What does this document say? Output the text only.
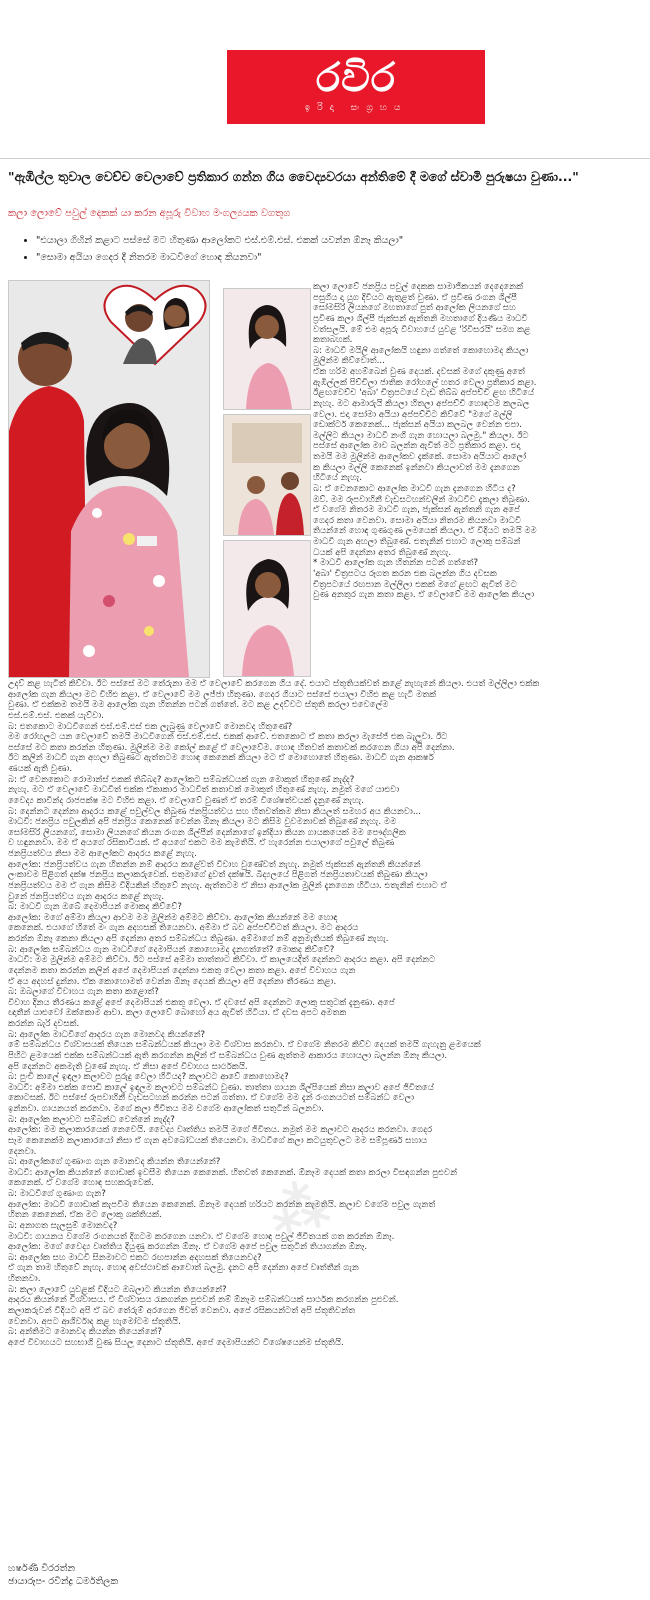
රවිර
ඉරිදා සංග්‍රහය
"ඇඹිල්ල තුවාල වෙච්ච වෙලාවේ ප්‍රතිකාර ගන්න ගිය වෛද්‍යවරයා අන්තිමේ දී මගේ ස්වාමි පුරුෂයා වුණා..."
කලා ලොවේ පවුල් දෙකක් යා කරන අපූරු විවාහ මංගල්‍යයක වගතුග
• "එයාලා ගිහින් කළාට පස්සේ මට හිතුණා ආලෝකට එස්.එම්.එස්. එකක් යවන්න ඕනෑ කියලා"
• "සොමා අයියා ගෙදර දී නිතරම මාධවීගේ හොඳ කියනවා"
කලා ලොවේ ජනප්‍රිය පවුල් දෙකක සාමාජිකයන් දෙදෙනෙක්
පසුගිය දා යුග දිවියට ඇතුළත් වුණා. ඒ ප්‍රවීණ රංගන ශිල්පී
සෝමසිරි ලියනගේ මහතාගේ පුත් ආලෝක ලියනගේ සහ
ප්‍රවීණ කලා ශිල්පී ජැක්සන් ඇන්තනි මහතාගේ දියණිය මාධවී
වත්සලයි. මේ එම අපූරු විවාහයේ යුවළ 'රිවිසරයි' සමග කළ
කතාබහක්.
බ: මාධවී මයිලි ආලෝකයි හඳුනා ගත්තේ කොහොමද කියලා
මුලින්ම කිව්වොත්...
ඒක හරිම අහම්බෙන් වුණ දෙයක්. දවසක් මගේ දකුණු අතේ
ඇඹිල්ලක් පිච්චිලා ජාතික රෝහලේ හතර වෙලා ප්‍රතිකාර කළා.
ඊළඟවෙච්ච 'අබා' චිත්‍රපටයේ වැඩ තිබ්බ අප්පච්චි ළඟ හිටියේ
නැහැ. මට ආමාරුයි කියලා හිතලා අප්පච්චි හොඳටම කලබල
වෙලා. එදා සෝමා අයියා අප්පච්චිට කිව්වේ "මගේ මල්ලි
ඩොක්ටර් කෙනෙක්... ජැක්සන් අයියා කලබල වෙන්න එපා.
මල්ලිට කියලා මාධවී නංගි ගැන හොයලා බලමු." කියලා. ඊට
පස්සේ ආලෝක මාව බලන්න ඇවිත් මට ප්‍රතිකාර කළා. එදා
තමයි මම මුලින්ම ආලෝකව දැක්කේ. සොමා අයියාට ආලෝ
ක කියලා මල්ලි කෙනෙක් ඉන්නවා කියලාවත් මම දැනගෙන
හිටියේ නැහැ.
බ: ඒ වෙනකොට ආලෝක මාධවී ගැන දැනගෙන හිටිය ද?
ඔව්. මම රූපවාහිනී වැඩසටහන්වලින් මාධවීව දැකලා තිබුණා.
ඒ වගේම නිතරම මාධවී ගැන, ජැක්සන් ඇන්තනි ගැන අපේ
ගෙදර කතා වෙනවා. සොමා අයියා නිතරම කියනවා මාධවී
තියන්නේ හොඳ ගුණගුණ ලමයෙක් කියලා. ඒ විදියට තමයි මම
මාධවී ගැන අහලා තිබුණේ. එතැනින් එහාට ලොකු සම්බන්
ධයක් අපි දෙන්නා අතර තිබුණේ නැහැ.
* මාධවී ආලෝක ගැන හිතන්න පටන් ගත්තේ?
'අබා' චිත්‍රපටය රූගත කරන එක බලන්න ගිය දවසක
චිත්‍රපටයේ රඟපාන මල්ලිලා එකක් මගේ ළඟට ඇවිත් මට
වුණ අනතුර ගැන කතා කළා. ඒ වෙලාවේ මම ආලෝක කියලා
උදව් කළ හැටිත් කිව්වා. ඊට පස්සේ මට තේරුනා මම ඒ වෙලාවේ කරගෙන ගිය දේ. එයාට ස්තූතියක්වත් කළේ නැහැනේ කියලා. එයත් මල්ලිලා එක්ක
ආලෝක ගැන කියලා මට විහිළු කළා. ඒ වෙලාවේ මම ලජ්ජා හිතුණා. ගෙදර ගියාට පස්සේ එයාලා විහිළු කළ හැටි මතක්
වුණා. ඒ එක්කම තමයි මම ආලෝක ගැන හිතන්න පටන් ගත්තේ. මට කළ උදව්වට ස්තූති කරලා එවෙලේම
එස්.එම්.එස්. එකක් යැව්වා.
බ: එතකොට මාධවීගෙන් එස්.එම්.එස් එක ලැබුණු වෙලාවේ මොනවද හිතුණේ?
මම රෝහලට යන වෙලාවේ තමයි මාධවීගෙන් එස්.එම්.එස්. එකක් ආවේ. එතකොට ඒ කතා කරලා මැසේජ් එක බැලුවා. ඊට
පස්සේ මට කතා කරන්න හිතුණා. මුලින්ම මම කෝල් කළේ ඒ වෙලාවේම. හොඳ හිතවත් කතාවක් කරගෙන ගියා අපි දෙන්නා.
ඊට කලින් මාධවී ගැන අහලා තිබුණට ඇත්තටම හොඳ කෙනෙක් කියලා මට ඒ මොහොතේ හිතුණා. මාධවී ගැන ආකර්ෂ
ණයක් ඇති වුණා.
බ: ඒ වෙනකොට රොමාන්ස් එකක් තිබ්බද? ආලෝකට සම්බන්ධයක් ගැන මොකුත් හිතුණේ නැද්ද?
නැහැ. මට ඒ වෙලාවේ මාධවීත් එක්ක ඒකාකාර මාධවීත් කතාවක් මොකුත් හිතුණේ නැහැ. නමුත් මගේ යාළුවා
වෛද්‍ය කාවින්ද රාජපක්ෂ මට විහිළු කළා. ඒ වෙලාවේ වුණත් ඒ තරම් විශේෂත්වයක් දැනුණේ නැහැ.
බ: දෙන්නට දෙන්නා ආදරය කළේ පවුල්වල තිබුණ ජනප්‍රියත්වය සහ හිතවත්කම නිසා කියලත් සමහර අය කියනවා...
මාධවී: ජනප්‍රිය පවුලකින් අපි ජනප්‍රිය කෙනෙක් වෙන්න ඕනෑ කියලා මට කිසිම වුවමනාවක් තිබුණේ නැහැ. මම
සෝමසිරි ලියනගේ, සොමා ලියනගේ කියන රංගන ශිල්පීන් දෙන්නාගේ ඉන්දියා කියන ගායකයෙක් මම පෞද්ගලික
ව හඳුනනවා. මම ඒ අයගේ රසිකාවියක්. ඒ අයගේ එකට මම කැමතියි. ඒ හැරෙන්න එයාලාගේ පවුලේ තිබුණ
ජනප්‍රියත්වය නිසා මම ආලෝකට ආදරය කළේ නැහැ.
ආලෝක: ජනප්‍රියත්වය ගැන හිතන්න නම් ආදරය කළේවත් විවාහ වුණේවත් නැහැ. නමුත් ජැක්සන් ඇන්තනි කියන්නේ
ලංකාවම පිළිගත් දක්ෂ ජනප්‍රිය කලාකරුවෙක්. එතුමාගේ දුවත් දක්ෂයි. බිද්‍යලයේ පිළිගත් ජනප්‍රියතාවයක් තිබුණා කියලා
ජනප්‍රියත්වය මම ඒ ගැන කිසිම විදියකින් හිතුවේ නැහැ. ඇත්තටම ඒ නිසා ආලෝක මුලින් දැනගෙන හිටියා. එතැනින් එහාට ඒ
වුනේ ජනප්‍රියත්වය ගැන ආදරය කළේ නැහැ.
බ: මාධවී ගැන ඔබේ දෙමාපියන් මොකද කිව්වේ?
ආලෝක: මගේ අම්මා කියලා ආවම මම මුලින්ම අම්මට කිව්වා. ආලෝක කියන්නේ මම හොඳ
කෙනෙක්. එයාගේ හිතේ මං ගැන අදහසක් තියෙනවා. අම්මා ඒ බව අප්පච්චිටත් කියලා. මට ආදරය
කරන්න ඕනෑ කෙනා කියලා අපි දෙන්නා අතර සම්බන්ධය තිබුණා. අම්මාගේ නම් අනුමැතියක් තිබුණේ නැහැ.
බ: ආලෝක සම්බන්ධය ගැන මාධවීගේ දෙමාපියන් කොහොමද දැනගත්තේ? මොකද කිව්වේ?
මාධවී: මම මුලින්ම අම්මට කිව්වා. ඊට පස්සේ අම්මා තාත්තාට කිව්වා. ඒ කාලයෙදිත් දෙන්නට ආදරය කළා. අපි දෙන්නට
දෙන්නම කතා කරන්න කලින් අපේ දෙමාපියන් දෙන්නා එකතු වෙලා කතා කළා. අපේ විවාහය ගැන
ඒ අය අදහස් දුන්නා. ඒක කොහොමත් වෙන්න ඕනෑ දෙයක් කියලා අපි දෙන්නා තීරණය කළා.
බ: ඔබලාගේ විවාහය ගැන කතා කළොත්?
විවාහ දිනය තීරණය කළේ අපේ දෙමාපියන් එකතු වෙලා. ඒ දවසේ අපි දෙන්නට ලොකු සතුටක් දැනුණා. අපේ
ඥාතීන් යාළුවෝ ඔක්කොම ආවා. කලා ලොවේ බොහෝ අය ඇවිත් හිටියා. ඒ දවස අපට අමතක
කරන්න බැරි දවසක්.
බ: ආලෝක මාධවීගේ ආදරය ගැන මොනවද කියන්නේ?
මේ සම්බන්ධය විශ්වාසයක් තියෙන සම්බන්ධයක් කියලා මම විශ්වාස කරනවා. ඒ වගේම නිතරම කිව්ව දෙයක් තමයි ගැහැනු ළමයෙක්
පිහිට ළමයෙක් එක්ක සම්බන්ධයක් ඇති කරගන්න කලින් ඒ සම්බන්ධය වුණ ඇත්තම ආකාරය හොයලා බලන්න ඕනෑ කියලා.
අපි දෙන්නට අකමැති වුණේ නැහැ. ඒ නිසා අපේ විවාහය සාර්ථකයි.
බ: පුංචි කාලේ ඉඳලා කලාවට පුරුදු වෙලා හිටියද? කලාවට ආවේ කොහොමද?
මාධවී: අම්මා එක්ක පොඩි කාලේ ඉඳලම කලාවට සම්බන්ධ වුණා. තාත්තා ගායන ශිල්පියෙක් නිසා කලාව අපේ ජීවිතයේ
කොටසක්. ඊට පස්සේ රූපවාහිනී වැඩසටහන් කරන්න පටන් ගත්තා. ඒ වගේම මම දැන් රංගනයටත් සම්බන්ධ වෙලා
ඉන්නවා. ගායනයත් කරනවා. මගේ කලා ජීවිතය මම වගේම ආලෝකත් සතුටින් බලනවා.
බ: ආලෝක කලාවට සම්බන්ධ වෙන්නේ නැද්ද?
ආලෝක: මම කලාකාරයෙක් නෙවෙයි. වෛද්‍ය වෘත්තිය තමයි මගේ ජීවිතය. නමුත් මම කලාවට ආදරය කරනවා. ගෙදර
සෑම කෙනෙක්ම කලාකාරයෝ නිසා ඒ ගැන අවබෝධයක් තියෙනවා. මාධවීගේ කලා කටයුතුවලට මම සම්පූර්ණ සහාය
දෙනවා.
බ: ආලෝකගේ ගුණාංග ගැන මොනවද කියන්න තියෙන්නේ?
මාධවී: ආලෝක කියන්නේ ගොඩාක් ඉවසීම තියෙන කෙනෙක්. හිතවත් කෙනෙක්. ඕනෑම දෙයක් කතා කරලා විසඳගන්න පුළුවන්
කෙනෙක්. ඒ වගේම හොඳ සහකරුවෙක්.
බ: මාධවීගේ ගුණාංග ගැන?
ආලෝක: මාධවී ගොඩාක් කැපවීම තියෙන කෙනෙක්. ඕනෑම දෙයක් හරියට කරන්න කැමතියි. කලාව වගේම පවුල ගැනත්
හිතන කෙනෙක්. ඒක මට ලොකු ශක්තියක්.
බ: අනාගත සැලසුම් මොනවද?
මාධවී: ගායනය වගේම රංගනයත් දිගටම කරගෙන යනවා. ඒ වගේම හොඳ පවුල් ජීවිතයක් ගත කරන්න ඕනෑ.
ආලෝක: මගේ වෛද්‍ය වෘත්තිය දියුණු කරගන්න ඕනෑ. ඒ වගේම අපේ පවුල සතුටින් තියාගන්න ඕනෑ.
බ: ආලෝක සහ මාධවී සිනමාවට එකට රඟපාන්න අදහසක් තියෙනවද?
ඒ ගැන තාම හිතුවේ නැහැ. හොඳ අවස්ථාවක් ආවොත් බලමු. දැනට අපි දෙන්නා අපේ වෘත්තීන් ගැන
හිතනවා.
බ: කලා ලොවේ යුවළක් විදියට ඔබලාට කියන්න තියෙන්නේ?
ආදරය කියන්නේ විශ්වාසය. ඒ විශ්වාසය රැකගන්න පුළුවන් නම් ඕනෑම සම්බන්ධයක් සාර්ථක කරගන්න පුළුවන්.
කලාකරුවන් විදියට අපි ඒ බව තේරුම් අරගෙන ජීවත් වෙනවා. අපේ රසිකයන්ටත් අපි ස්තූතිවන්ත
වෙනවා. අපට ආශිර්වාද කළ හැමෝටම ස්තූතියි.
බ: අන්තිමට මොනවද කියන්න තියෙන්නේ?
අපේ විවාහයට සහභාගි වුණ සියලු දෙනාට ස්තූතියි. අපේ දෙමාපියන්ට විශේෂයෙන්ම ස්තූතියි.
⁂
හර්ෂණී වීරරත්න
ඡායාරූප- රවීන්ද්‍ර ධර්මතිලක
